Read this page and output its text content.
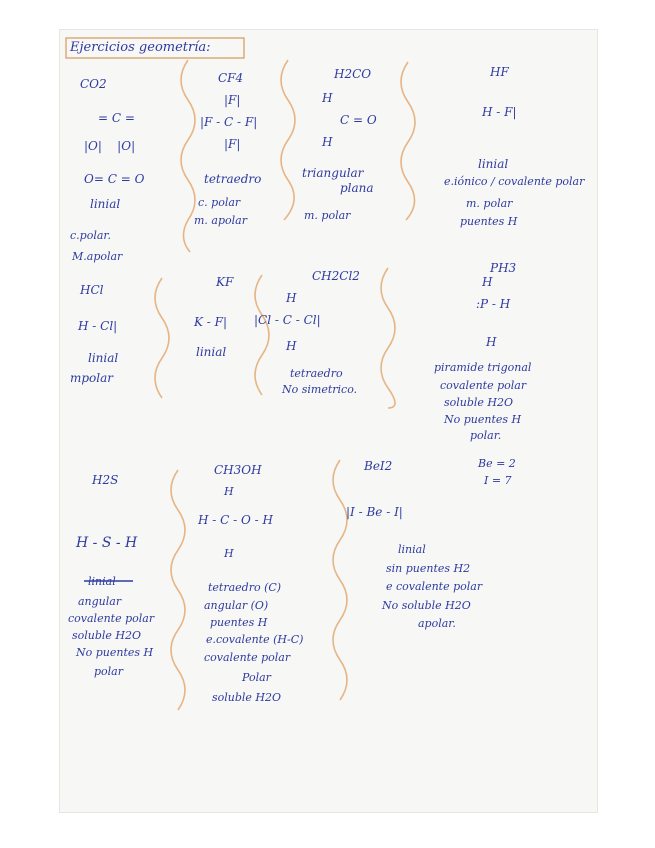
Ejercicios geometría:
CO2
= C =
|O|    |O|
O= C = O
linial
c.polar.
M.apolar
CF4
|F|
|F - C - F|
|F|
tetraedro
c. polar
m. apolar
H2CO
H
C = O
H
triangular
plana
m. polar
HF
H - F|
linial
e.iónico / covalente polar
m. polar
puentes H
HCl
H - Cl|
linial
mpolar
KF
K - F|
linial
CH2Cl2
H
|Cl - C - Cl|
H
tetraedro
No simetrico.
PH3
H
:P - H
H
piramide trigonal
covalente polar
soluble H2O
No puentes H
polar.
H2S
H - S - H
linial
angular
covalente polar
soluble H2O
No puentes H
polar
CH3OH
H
H - C - O - H
H
tetraedro (C)
angular (O)
puentes H
e.covalente (H-C)
covalente polar
Polar
soluble H2O
BeI2
|I - Be - I|
linial
sin puentes H2
e covalente polar
No soluble H2O
apolar.
Be = 2
I = 7
